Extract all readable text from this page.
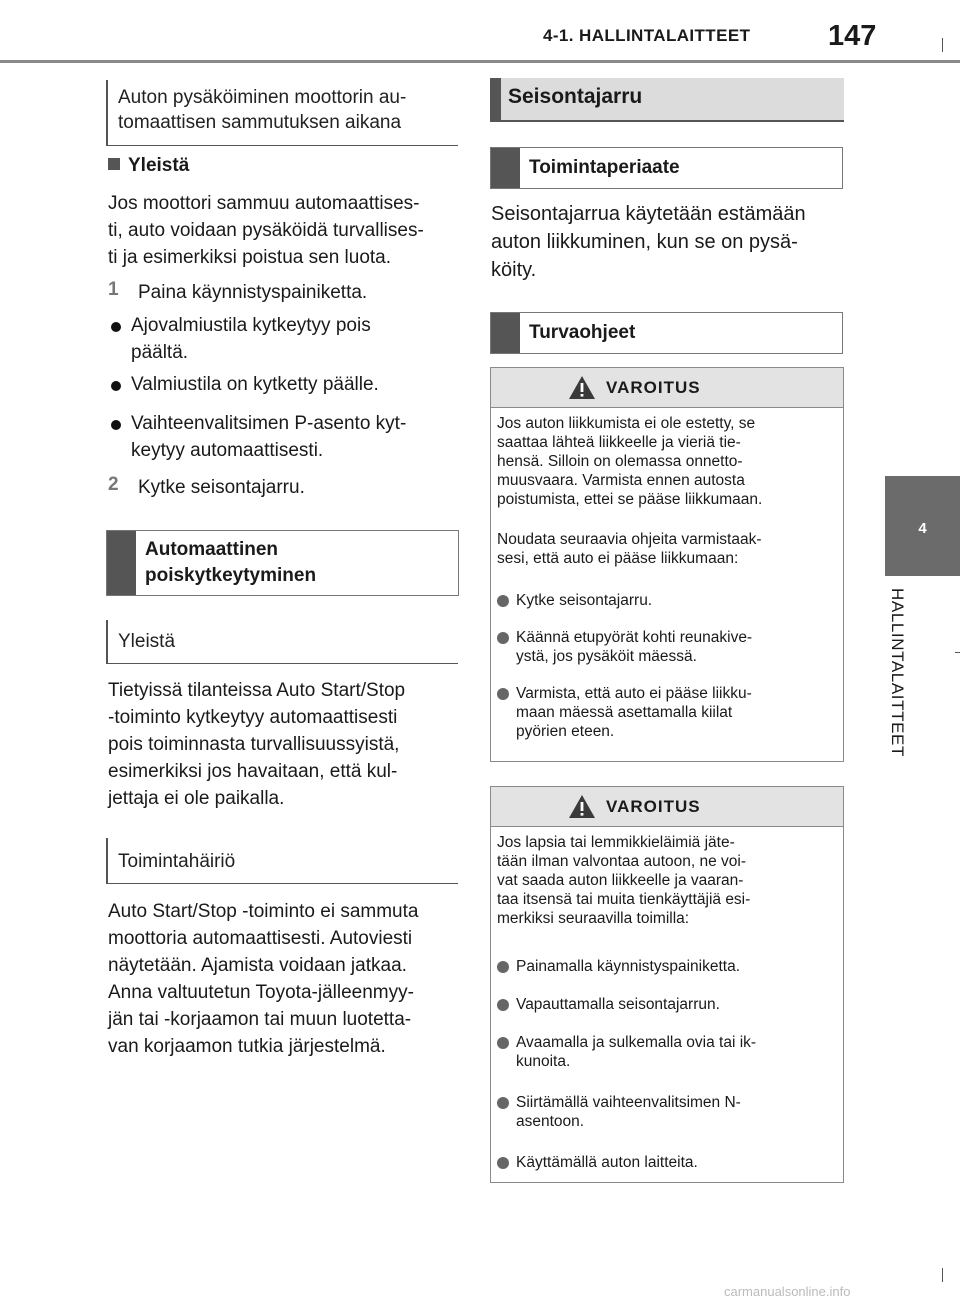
4-1. HALLINTALAITTEET	147
4
HALLINTALAITTEET
Auton pysäköiminen moottorin au-
tomaattisen sammutuksen aikana
Yleistä
Jos moottori sammuu automaattises-
ti, auto voidaan pysäköidä turvallises-
ti ja esimerkiksi poistua sen luota.
1 Paina käynnistyspainiketta.
Ajovalmiustila kytkeytyy pois
päältä.
Valmiustila on kytketty päälle.
Vaihteenvalitsimen P-asento kyt-
keytyy automaattisesti.
2 Kytke seisontajarru.
Automaattinen
poiskytkeytyminen
Yleistä
Tietyissä tilanteissa Auto Start/Stop
-toiminto kytkeytyy automaattisesti
pois toiminnasta turvallisuussyistä,
esimerkiksi jos havaitaan, että kul-
jettaja ei ole paikalla.
Toimintahäiriö
Auto Start/Stop -toiminto ei sammuta
moottoria automaattisesti. Autoviesti
näytetään. Ajamista voidaan jatkaa.
Anna valtuutetun Toyota-jälleenmyy-
jän tai -korjaamon tai muun luotetta-
van korjaamon tutkia järjestelmä.
Seisontajarru
Toimintaperiaate
Seisontajarrua käytetään estämään
auton liikkuminen, kun se on pysä-
köity.
Turvaohjeet
VAROITUS
Jos auton liikkumista ei ole estetty, se
saattaa lähteä liikkeelle ja vieriä tie-
hensä. Silloin on olemassa onnetto-
muusvaara. Varmista ennen autosta
poistumista, ettei se pääse liikkumaan.
Noudata seuraavia ohjeita varmistaak-
sesi, että auto ei pääse liikkumaan:
Kytke seisontajarru.
Käännä etupyörät kohti reunakive-
ystä, jos pysäköit mäessä.
Varmista, että auto ei pääse liikku-
maan mäessä asettamalla kiilat
pyörien eteen.
VAROITUS
Jos lapsia tai lemmikkieläimiä jäte-
tään ilman valvontaa autoon, ne voi-
vat saada auton liikkeelle ja vaaran-
taa itsensä tai muita tienkäyttäjiä esi-
merkiksi seuraavilla toimilla:
Painamalla käynnistyspainiketta.
Vapauttamalla seisontajarrun.
Avaamalla ja sulkemalla ovia tai ik-
kunoita.
Siirtämällä vaihteenvalitsimen N-
asentoon.
Käyttämällä auton laitteita.
carmanualsonline.info
